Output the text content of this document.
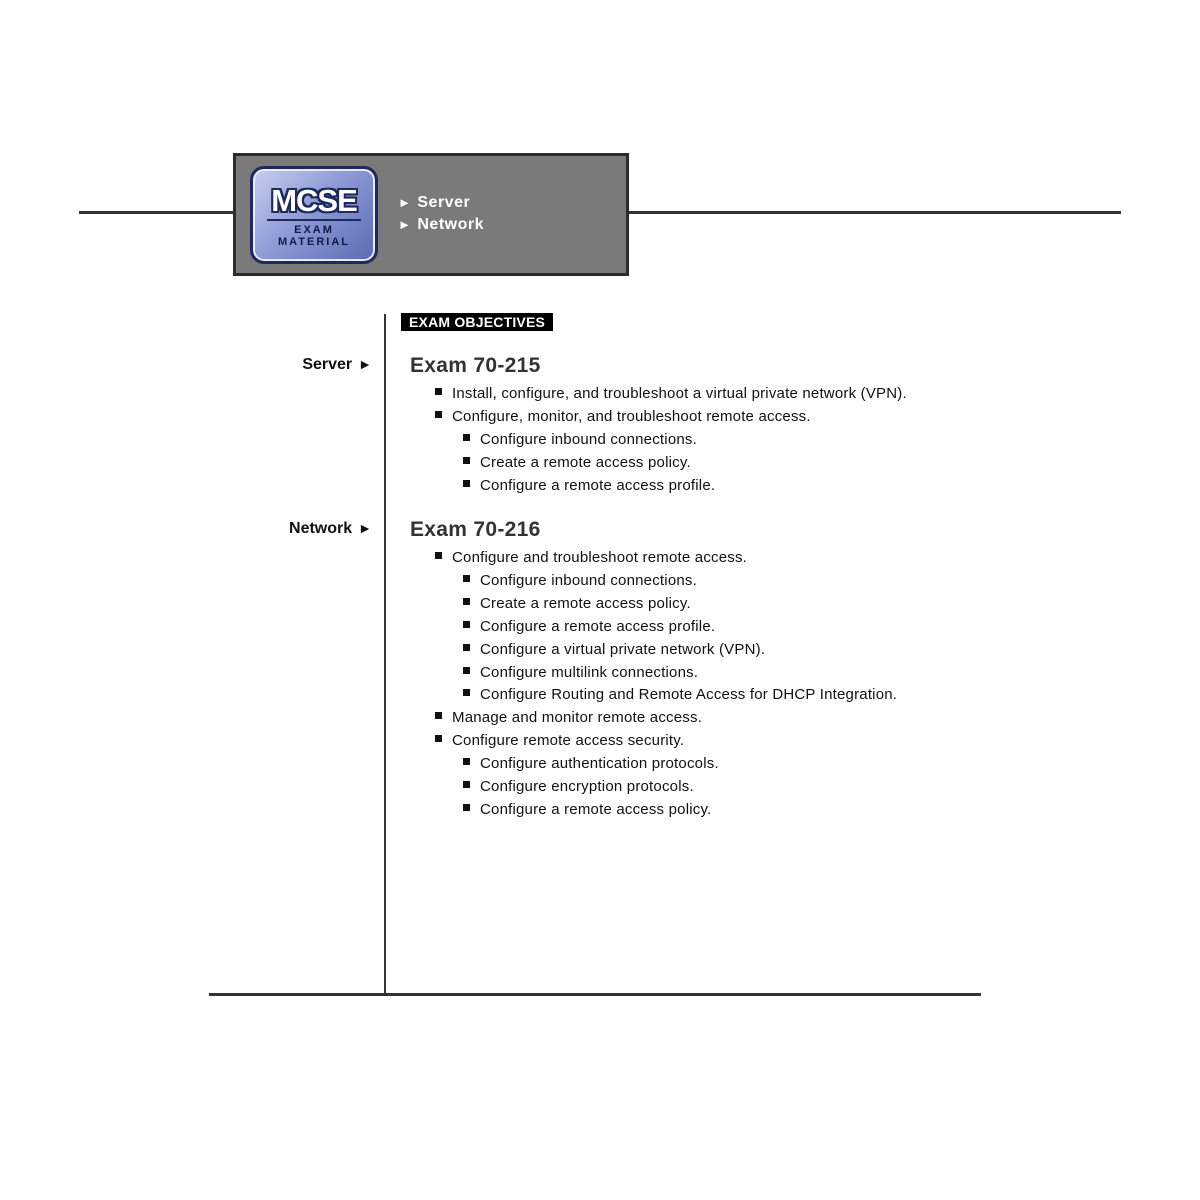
MCSE
EXAM
MATERIAL
► Server
► Network
EXAM OBJECTIVES
Server ►
Network ►
Exam 70-215
Exam 70-216
Install, configure, and troubleshoot a virtual private network (VPN).
Configure, monitor, and troubleshoot remote access.
Configure inbound connections.
Create a remote access policy.
Configure a remote access profile.
Configure and troubleshoot remote access.
Configure inbound connections.
Create a remote access policy.
Configure a remote access profile.
Configure a virtual private network (VPN).
Configure multilink connections.
Configure Routing and Remote Access for DHCP Integration.
Manage and monitor remote access.
Configure remote access security.
Configure authentication protocols.
Configure encryption protocols.
Configure a remote access policy.
